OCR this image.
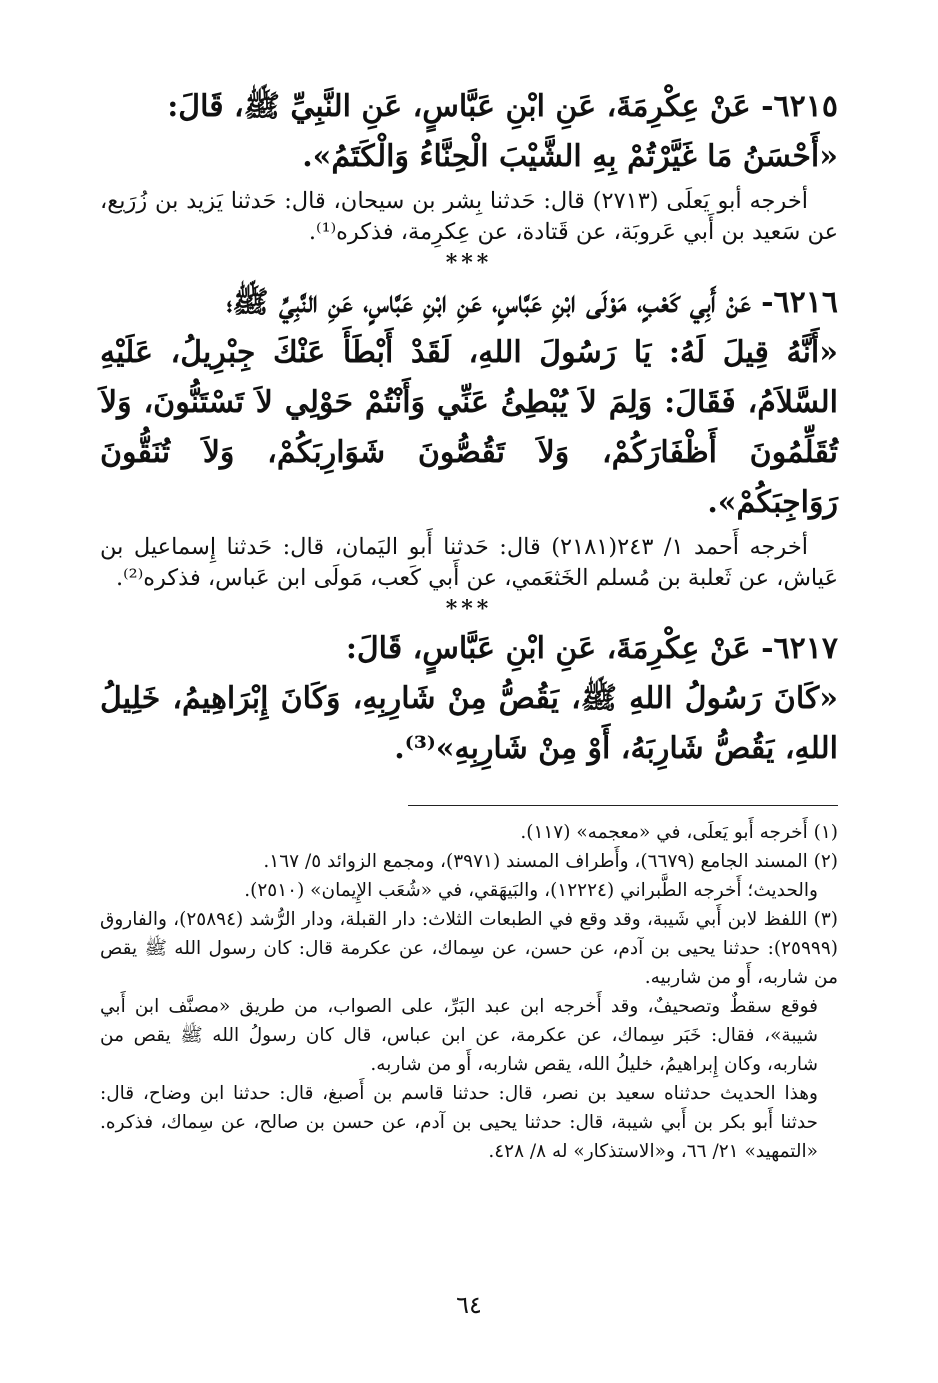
٦٢١٥- عَنْ عِكْرِمَةَ، عَنِ ابْنِ عَبَّاسٍ، عَنِ النَّبِيِّ ﷺ، قَالَ:

«أَحْسَنُ مَا غَيَّرْتُمْ بِهِ الشَّيْبَ الْحِنَّاءُ وَالْكَتَمُ».

أخرجه أبو يَعلَى (٢٧١٣) قال: حَدثنا بِشر بن سيحان، قال: حَدثنا يَزيد بن زُرَيع، عن سَعيد بن أَبي عَروبَة، عن قَتادة، عن عِكرِمة، فذكره⁽¹⁾.

***

٦٢١٦- عَنْ أَبِي كَعْبٍ، مَوْلَى ابْنِ عَبَّاسٍ، عَنِ ابْنِ عَبَّاسٍ، عَنِ النَّبِيِّ ﷺ؛

«أَنَّهُ قِيلَ لَهُ: يَا رَسُولَ اللهِ، لَقَدْ أَبْطَأَ عَنْكَ جِبْرِيلُ، عَلَيْهِ السَّلاَمُ، فَقَالَ: وَلِمَ لاَ يُبْطِئُ عَنِّي وَأَنْتُمْ حَوْلِي لاَ تَسْتَنُّونَ، وَلاَ تُقَلِّمُونَ أَظْفَارَكُمْ، وَلاَ تَقُصُّونَ شَوَارِبَكُمْ، وَلاَ تُنَقُّونَ رَوَاجِبَكُمْ».

أخرجه أَحمد ١/ ٢٤٣(٢١٨١) قال: حَدثنا أَبو اليَمان، قال: حَدثنا إِسماعيل بن عَياش، عن ثَعلبة بن مُسلم الخَثعَمي، عن أَبي كَعب، مَولَى ابن عَباس، فذكره⁽²⁾.

***

٦٢١٧- عَنْ عِكْرِمَةَ، عَنِ ابْنِ عَبَّاسٍ، قَالَ:

«كَانَ رَسُولُ اللهِ ﷺ، يَقُصُّ مِنْ شَارِبِهِ، وَكَانَ إِبْرَاهِيمُ، خَلِيلُ اللهِ، يَقُصُّ شَارِبَهُ، أَوْ مِنْ شَارِبِهِ»⁽³⁾.

(١) أَخرجه أَبو يَعلَى، في «معجمه» (١١٧).

(٢) المسند الجامع (٦٦٧٩)، وأَطراف المسند (٣٩٧١)، ومجمع الزوائد ٥/ ١٦٧.

والحديث؛ أَخرجه الطَّبراني (١٢٢٢٤)، والبَيهَقي، في «شُعَب الإِيمان» (٢٥١٠).

(٣) اللفظ لابن أَبي شَيبة، وقد وقع في الطبعات الثلاث: دار القبلة، ودار الرُّشد (٢٥٨٩٤)، والفاروق (٢٥٩٩٩): حدثنا يحيى بن آدم، عن حسن، عن سِماك، عن عكرمة قال: كان رسول الله ﷺ يقص من شاربه، أَو من شاربيه.

فوقع سقطٌ وتصحيفٌ، وقد أَخرجه ابن عبد البَرِّ، على الصواب، من طريق «مصنَّف ابن أَبي شيبة»، فقال: خَبَر سِماك، عن عكرمة، عن ابن عباس، قال كان رسولُ الله ﷺ يقص من شاربه، وكان إِبراهيمُ، خليلُ الله، يقص شاربه، أَو من شاربه.

وهذا الحديث حدثناه سعيد بن نصر، قال: حدثنا قاسم بن أَصبغ، قال: حدثنا ابن وضاح، قال: حدثنا أَبو بكر بن أَبي شيبة، قال: حدثنا يحيى بن آدم، عن حسن بن صالح، عن سِماك، فذكره. «التمهيد» ٢١/ ٦٦، و«الاستذكار» له ٨/ ٤٢٨.

٦٤
